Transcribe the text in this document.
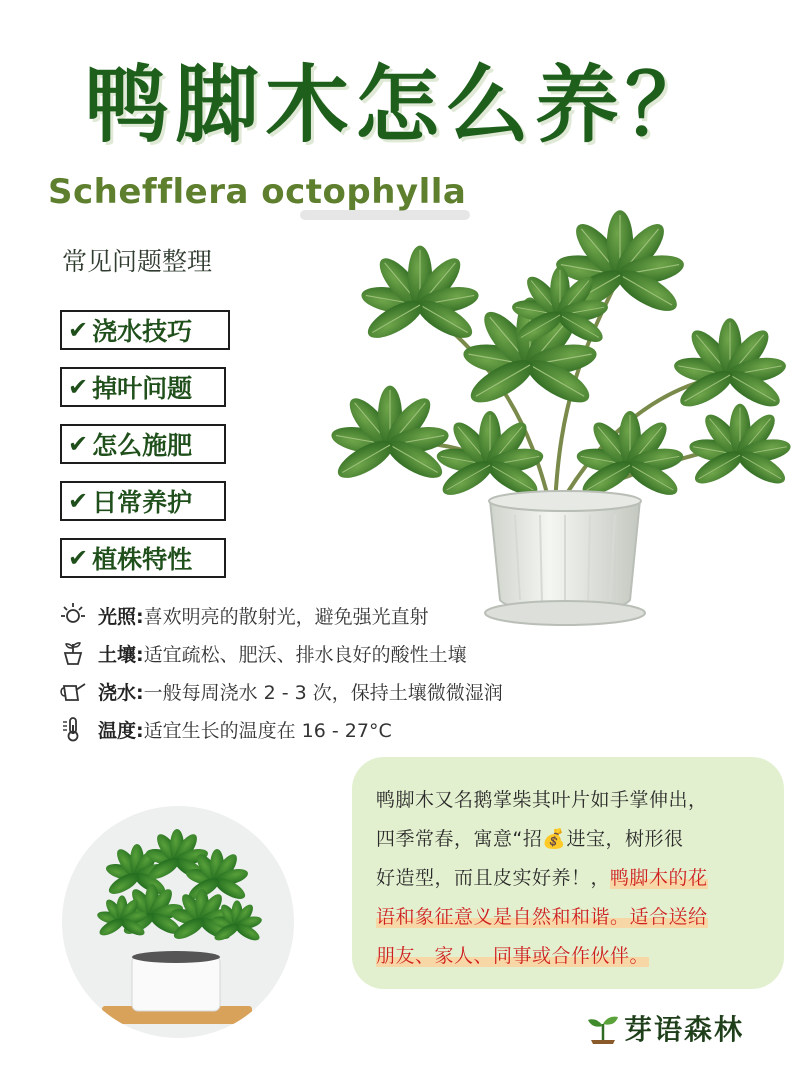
鸭脚木怎么养？
Schefflera octophylla
常见问题整理
✔ 浇水技巧
✔ 掉叶问题
✔ 怎么施肥
✔ 日常养护
✔ 植株特性
光照: 喜欢明亮的散射光，避免强光直射
土壤: 适宜疏松、肥沃、排水良好的酸性土壤
浇水: 一般每周浇水 2 - 3 次，保持土壤微微湿润
温度: 适宜生长的温度在 16 - 27°C
鸭脚木又名鹅掌柴其叶片如手掌伸出，
四季常春，寓意“招💰进宝，树形很
好造型，而且皮实好养！，鸭脚木的花
语和象征意义是自然和和谐。适合送给
朋友、家人、同事或合作伙伴。
芽语森林
